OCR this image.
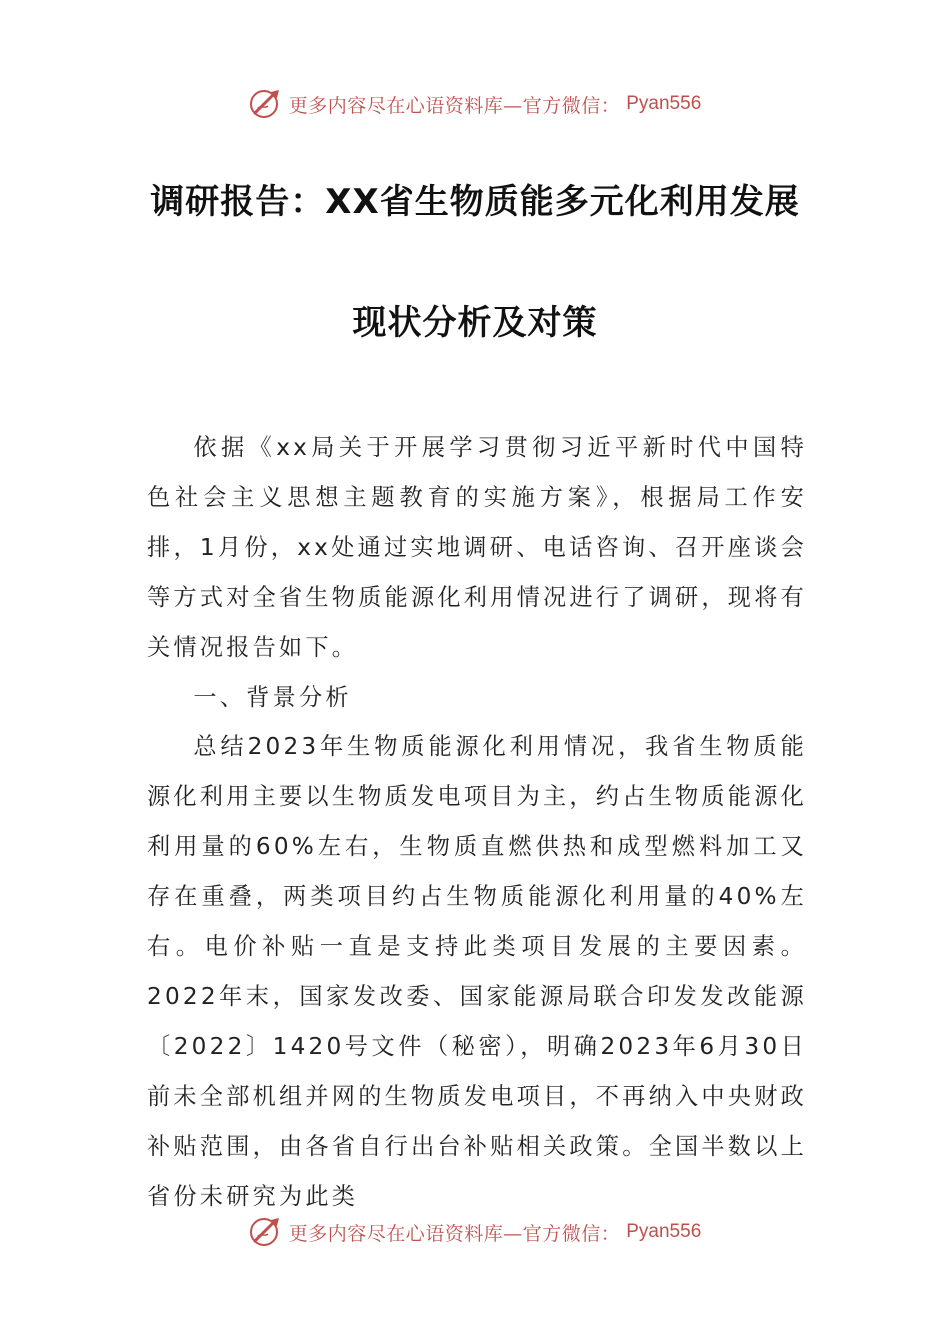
更多内容尽在心语资料库—官方微信： Pyan556
调研报告：XX省生物质能多元化利用发展
现状分析及对策

依据《xx局关于开展学习贯彻习近平新时代中国特色社会主义思想主题教育的实施方案》，根据局工作安排，1月份，xx处通过实地调研、电话咨询、召开座谈会等方式对全省生物质能源化利用情况进行了调研，现将有关情况报告如下。

一、背景分析

总结2023年生物质能源化利用情况，我省生物质能源化利用主要以生物质发电项目为主，约占生物质能源化利用量的60%左右，生物质直燃供热和成型燃料加工又存在重叠，两类项目约占生物质能源化利用量的40%左右。电价补贴一直是支持此类项目发展的主要因素。2022年末，国家发改委、国家能源局联合印发发改能源〔2022〕1420号文件（秘密），明确2023年6月30日前未全部机组并网的生物质发电项目，不再纳入中央财政补贴范围，由各省自行出台补贴相关政策。全国半数以上省份未研究为此类

更多内容尽在心语资料库—官方微信： Pyan556
